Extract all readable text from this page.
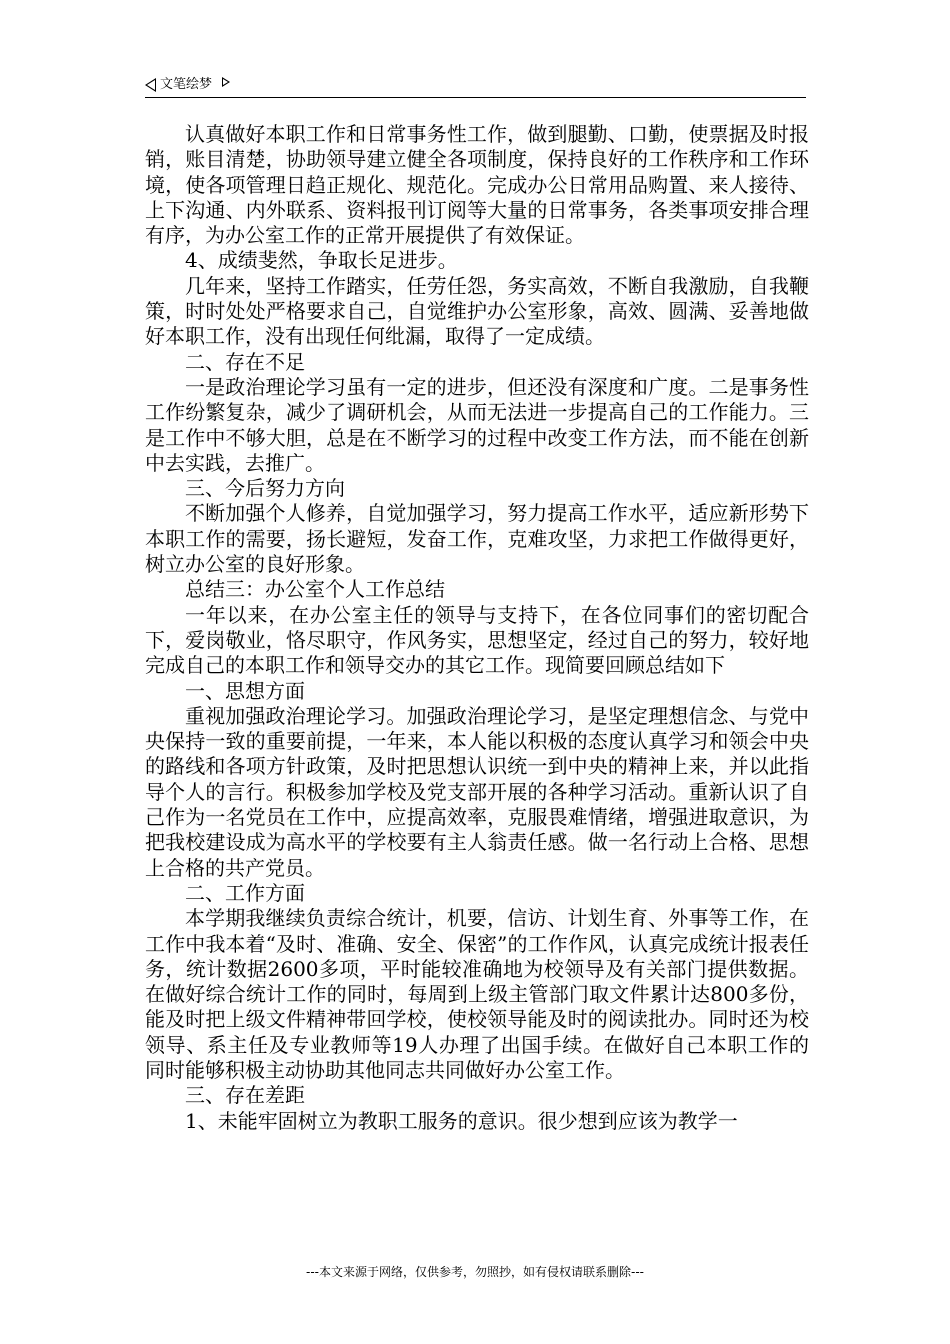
文笔绘梦

认真做好本职工作和日常事务性工作，做到腿勤、口勤，使票据及时报销，账目清楚，协助领导建立健全各项制度，保持良好的工作秩序和工作环境，使各项管理日趋正规化、规范化。完成办公日常用品购置、来人接待、上下沟通、内外联系、资料报刊订阅等大量的日常事务，各类事项安排合理有序，为办公室工作的正常开展提供了有效保证。

4、成绩斐然，争取长足进步。

几年来，坚持工作踏实，任劳任怨，务实高效，不断自我激励，自我鞭策，时时处处严格要求自己，自觉维护办公室形象，高效、圆满、妥善地做好本职工作，没有出现任何纰漏，取得了一定成绩。

二、存在不足

一是政治理论学习虽有一定的进步，但还没有深度和广度。二是事务性工作纷繁复杂，减少了调研机会，从而无法进一步提高自己的工作能力。三是工作中不够大胆，总是在不断学习的过程中改变工作方法，而不能在创新中去实践，去推广。

三、今后努力方向

不断加强个人修养，自觉加强学习，努力提高工作水平，适应新形势下本职工作的需要，扬长避短，发奋工作，克难攻坚，力求把工作做得更好，树立办公室的良好形象。

总结三：办公室个人工作总结

一年以来，在办公室主任的领导与支持下，在各位同事们的密切配合下，爱岗敬业，恪尽职守，作风务实，思想坚定，经过自己的努力，较好地完成自己的本职工作和领导交办的其它工作。现简要回顾总结如下

一、思想方面

重视加强政治理论学习。加强政治理论学习，是坚定理想信念、与党中央保持一致的重要前提，一年来，本人能以积极的态度认真学习和领会中央的路线和各项方针政策，及时把思想认识统一到中央的精神上来，并以此指导个人的言行。积极参加学校及党支部开展的各种学习活动。重新认识了自己作为一名党员在工作中，应提高效率，克服畏难情绪，增强进取意识，为把我校建设成为高水平的学校要有主人翁责任感。做一名行动上合格、思想上合格的共产党员。

二、工作方面

本学期我继续负责综合统计，机要，信访、计划生育、外事等工作，在工作中我本着“及时、准确、安全、保密”的工作作风，认真完成统计报表任务，统计数据2600多项，平时能较准确地为校领导及有关部门提供数据。在做好综合统计工作的同时，每周到上级主管部门取文件累计达800多份，能及时把上级文件精神带回学校，使校领导能及时的阅读批办。同时还为校领导、系主任及专业教师等19人办理了出国手续。在做好自己本职工作的同时能够积极主动协助其他同志共同做好办公室工作。

三、存在差距

1、未能牢固树立为教职工服务的意识。很少想到应该为教学一

---本文来源于网络，仅供参考，勿照抄，如有侵权请联系删除---
